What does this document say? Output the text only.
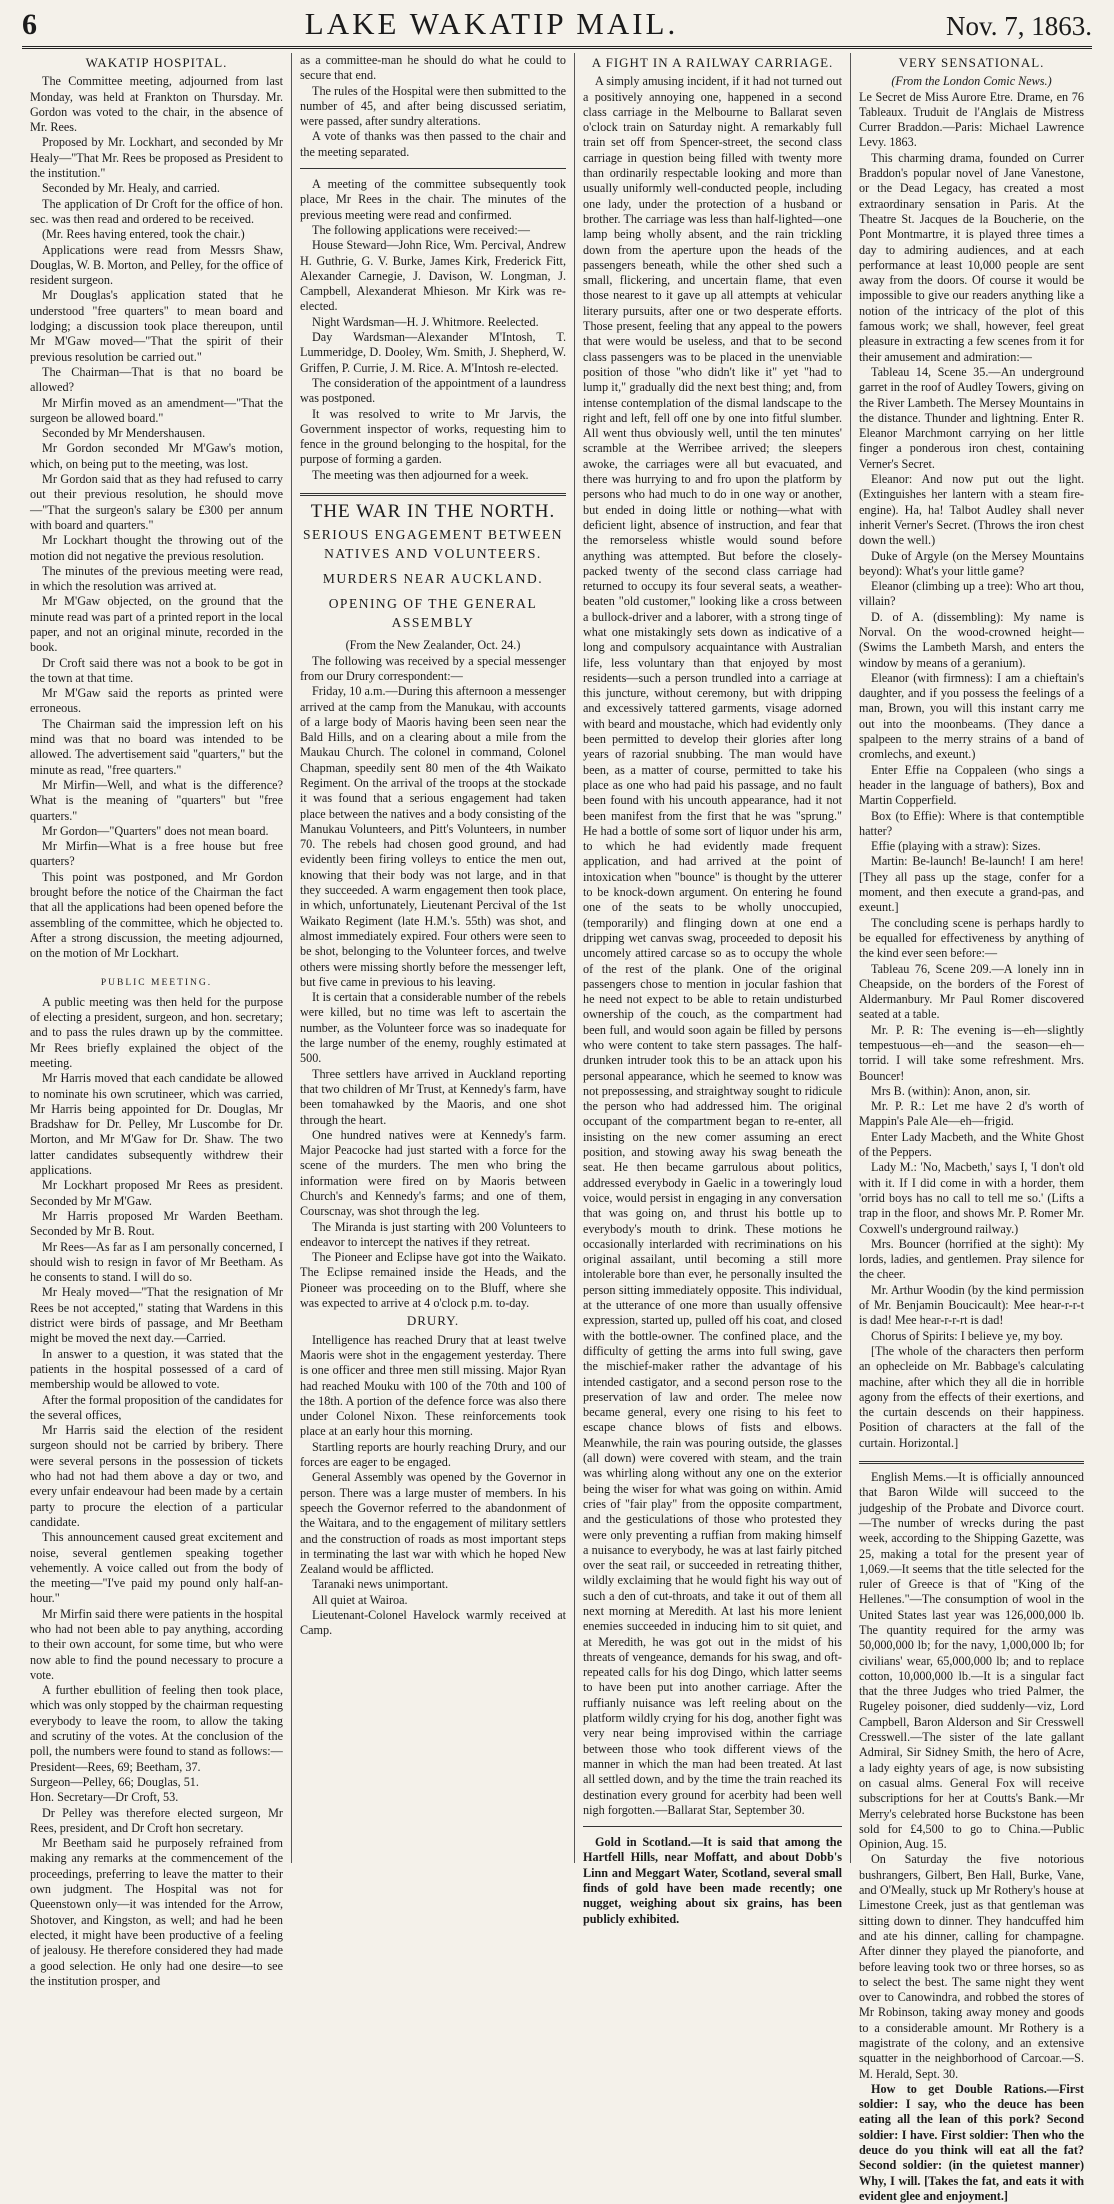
6	LAKE WAKATIP MAIL.	Nov. 7, 1863.
WAKATIP HOSPITAL.

The Committee meeting, adjourned from last Monday, was held at Frankton on Thursday. Mr. Gordon was voted to the chair, in the absence of Mr. Rees.

Proposed by Mr. Lockhart, and seconded by Mr Healy—"That Mr. Rees be proposed as President to the institution."

Seconded by Mr. Healy, and carried.

The application of Dr Croft for the office of hon. sec. was then read and ordered to be received.

(Mr. Rees having entered, took the chair.)

Applications were read from Messrs Shaw, Douglas, W. B. Morton, and Pelley, for the office of resident surgeon.

Mr Douglas's application stated that he understood "free quarters" to mean board and lodging; a discussion took place thereupon, until Mr M'Gaw moved—"That the spirit of their previous resolution be carried out."

The Chairman—That is that no board be allowed?

Mr Mirfin moved as an amendment—"That the surgeon be allowed board."

Seconded by Mr Mendershausen.

Mr Gordon seconded Mr M'Gaw's motion, which, on being put to the meeting, was lost.

Mr Gordon said that as they had refused to carry out their previous resolution, he should move—"That the surgeon's salary be £300 per annum with board and quarters."

Mr Lockhart thought the throwing out of the motion did not negative the previous resolution.

The minutes of the previous meeting were read, in which the resolution was arrived at.

Mr M'Gaw objected, on the ground that the minute read was part of a printed report in the local paper, and not an original minute, recorded in the book.

Dr Croft said there was not a book to be got in the town at that time.

Mr M'Gaw said the reports as printed were erroneous.

The Chairman said the impression left on his mind was that no board was intended to be allowed. The advertisement said "quarters," but the minute as read, "free quarters."

Mr Mirfin—Well, and what is the difference? What is the meaning of "quarters" but "free quarters."

Mr Gordon—"Quarters" does not mean board.

Mr Mirfin—What is a free house but free quarters?

This point was postponed, and Mr Gordon brought before the notice of the Chairman the fact that all the applications had been opened before the assembling of the committee, which he objected to. After a strong discussion, the meeting adjourned, on the motion of Mr Lockhart.

PUBLIC MEETING.

A public meeting was then held for the purpose of electing a president, surgeon, and hon. secretary; and to pass the rules drawn up by the committee. Mr Rees briefly explained the object of the meeting.

Mr Harris moved that each candidate be allowed to nominate his own scrutineer, which was carried, Mr Harris being appointed for Dr. Douglas, Mr Bradshaw for Dr. Pelley, Mr Luscombe for Dr. Morton, and Mr M'Gaw for Dr. Shaw. The two latter candidates subsequently withdrew their applications.

Mr Lockhart proposed Mr Rees as president. Seconded by Mr M'Gaw.

Mr Harris proposed Mr Warden Beetham. Seconded by Mr B. Rout.

Mr Rees—As far as I am personally concerned, I should wish to resign in favor of Mr Beetham. As he consents to stand. I will do so.

Mr Healy moved—"That the resignation of Mr Rees be not accepted," stating that Wardens in this district were birds of passage, and Mr Beetham might be moved the next day.—Carried.

In answer to a question, it was stated that the patients in the hospital possessed of a card of membership would be allowed to vote.

After the formal proposition of the candidates for the several offices,

Mr Harris said the election of the resident surgeon should not be carried by bribery. There were several persons in the possession of tickets who had not had them above a day or two, and every unfair endeavour had been made by a certain party to procure the election of a particular candidate.

This announcement caused great excitement and noise, several gentlemen speaking together vehemently. A voice called out from the body of the meeting—"I've paid my pound only half-an-hour."

Mr Mirfin said there were patients in the hospital who had not been able to pay anything, according to their own account, for some time, but who were now able to find the pound necessary to procure a vote.

A further ebullition of feeling then took place, which was only stopped by the chairman requesting everybody to leave the room, to allow the taking and scrutiny of the votes. At the conclusion of the poll, the numbers were found to stand as follows:—

President—Rees, 69; Beetham, 37.

Surgeon—Pelley, 66; Douglas, 51.

Hon. Secretary—Dr Croft, 53.

Dr Pelley was therefore elected surgeon, Mr Rees, president, and Dr Croft hon secretary.

Mr Beetham said he purposely refrained from making any remarks at the commencement of the proceedings, preferring to leave the matter to their own judgment. The Hospital was not for Queenstown only—it was intended for the Arrow, Shotover, and Kingston, as well; and had he been elected, it might have been productive of a feeling of jealousy. He therefore considered they had made a good selection. He only had one desire—to see the institution prosper, and

as a committee-man he should do what he could to secure that end.

The rules of the Hospital were then submitted to the number of 45, and after being discussed seriatim, were passed, after sundry alterations.

A vote of thanks was then passed to the chair and the meeting separated.

A meeting of the committee subsequently took place, Mr Rees in the chair. The minutes of the previous meeting were read and confirmed.

The following applications were received:—

House Steward—John Rice, Wm. Percival, Andrew H. Guthrie, G. V. Burke, James Kirk, Frederick Fitt, Alexander Carnegie, J. Davison, W. Longman, J. Campbell, Alexanderat Mhieson. Mr Kirk was re-elected.

Night Wardsman—H. J. Whitmore. Reelected.

Day Wardsman—Alexander M'Intosh, T. Lummeridge, D. Dooley, Wm. Smith, J. Shepherd, W. Griffen, P. Currie, J. M. Rice. A. M'Intosh re-elected.

The consideration of the appointment of a laundress was postponed.

It was resolved to write to Mr Jarvis, the Government inspector of works, requesting him to fence in the ground belonging to the hospital, for the purpose of forming a garden.

The meeting was then adjourned for a week.

THE WAR IN THE NORTH.
SERIOUS ENGAGEMENT BETWEEN NATIVES AND VOLUNTEERS.
MURDERS NEAR AUCKLAND.
OPENING OF THE GENERAL ASSEMBLY

(From the New Zealander, Oct. 24.)

The following was received by a special messenger from our Drury correspondent:—

Friday, 10 a.m.—During this afternoon a messenger arrived at the camp from the Manukau, with accounts of a large body of Maoris having been seen near the Bald Hills, and on a clearing about a mile from the Maukau Church. The colonel in command, Colonel Chapman, speedily sent 80 men of the 4th Waikato Regiment. On the arrival of the troops at the stockade it was found that a serious engagement had taken place between the natives and a body consisting of the Manukau Volunteers, and Pitt's Volunteers, in number 70. The rebels had chosen good ground, and had evidently been firing volleys to entice the men out, knowing that their body was not large, and in that they succeeded. A warm engagement then took place, in which, unfortunately, Lieutenant Percival of the 1st Waikato Regiment (late H.M.'s. 55th) was shot, and almost immediately expired. Four others were seen to be shot, belonging to the Volunteer forces, and twelve others were missing shortly before the messenger left, but five came in previous to his leaving.

It is certain that a considerable number of the rebels were killed, but no time was left to ascertain the number, as the Volunteer force was so inadequate for the large number of the enemy, roughly estimated at 500.

Three settlers have arrived in Auckland reporting that two children of Mr Trust, at Kennedy's farm, have been tomahawked by the Maoris, and one shot through the heart.

One hundred natives were at Kennedy's farm. Major Peacocke had just started with a force for the scene of the murders. The men who bring the information were fired on by Maoris between Church's and Kennedy's farms; and one of them, Courscnay, was shot through the leg.

The Miranda is just starting with 200 Volunteers to endeavor to intercept the natives if they retreat.

The Pioneer and Eclipse have got into the Waikato. The Eclipse remained inside the Heads, and the Pioneer was proceeding on to the Bluff, where she was expected to arrive at 4 o'clock p.m. to-day.

DRURY.

Intelligence has reached Drury that at least twelve Maoris were shot in the engagement yesterday. There is one officer and three men still missing. Major Ryan had reached Mouku with 100 of the 70th and 100 of the 18th. A portion of the defence force was also there under Colonel Nixon. These reinforcements took place at an early hour this morning.

Startling reports are hourly reaching Drury, and our forces are eager to be engaged.

General Assembly was opened by the Governor in person. There was a large muster of members. In his speech the Governor referred to the abandonment of the Waitara, and to the engagement of military settlers and the construction of roads as most important steps in terminating the last war with which he hoped New Zealand would be afflicted.

Taranaki news unimportant.

All quiet at Wairoa.

Lieutenant-Colonel Havelock warmly received at Camp.

A FIGHT IN A RAILWAY CARRIAGE.

A simply amusing incident, if it had not turned out a positively annoying one, happened in a second class carriage in the Melbourne to Ballarat seven o'clock train on Saturday night. A remarkably full train set off from Spencer-street, the second class carriage in question being filled with twenty more than ordinarily respectable looking and more than usually uniformly well-conducted people, including one lady, under the protection of a husband or brother. The carriage was less than half-lighted—one lamp being wholly absent, and the rain trickling down from the aperture upon the heads of the passengers beneath, while the other shed such a small, flickering, and uncertain flame, that even those nearest to it gave up all attempts at vehicular literary pursuits, after one or two desperate efforts. Those present, feeling that any appeal to the powers that were would be useless, and that to be second class passengers was to be placed in the unenviable position of those "who didn't like it" yet "had to lump it," gradually did the next best thing; and, from intense contemplation of the dismal landscape to the right and left, fell off one by one into fitful slumber. All went thus obviously well, until the ten minutes' scramble at the Werribee arrived; the sleepers awoke, the carriages were all but evacuated, and there was hurrying to and fro upon the platform by persons who had much to do in one way or another, but ended in doing little or nothing—what with deficient light, absence of instruction, and fear that the remorseless whistle would sound before anything was attempted. But before the closely-packed twenty of the second class carriage had returned to occupy its four several seats, a weather-beaten "old customer," looking like a cross between a bullock-driver and a laborer, with a strong tinge of what one mistakingly sets down as indicative of a long and compulsory acquaintance with Australian life, less voluntary than that enjoyed by most residents—such a person trundled into a carriage at this juncture, without ceremony, but with dripping and excessively tattered garments, visage adorned with beard and moustache, which had evidently only been permitted to develop their glories after long years of razorial snubbing. The man would have been, as a matter of course, permitted to take his place as one who had paid his passage, and no fault been found with his uncouth appearance, had it not been manifest from the first that he was "sprung." He had a bottle of some sort of liquor under his arm, to which he had evidently made frequent application, and had arrived at the point of intoxication when "bounce" is thought by the utterer to be knock-down argument. On entering he found one of the seats to be wholly unoccupied, (temporarily) and flinging down at one end a dripping wet canvas swag, proceeded to deposit his uncomely attired carcase so as to occupy the whole of the rest of the plank. One of the original passengers chose to mention in jocular fashion that he need not expect to be able to retain undisturbed ownership of the couch, as the compartment had been full, and would soon again be filled by persons who were content to take stern passages. The half-drunken intruder took this to be an attack upon his personal appearance, which he seemed to know was not prepossessing, and straightway sought to ridicule the person who had addressed him. The original occupant of the compartment began to re-enter, all insisting on the new comer assuming an erect position, and stowing away his swag beneath the seat. He then became garrulous about politics, addressed everybody in Gaelic in a toweringly loud voice, would persist in engaging in any conversation that was going on, and thrust his bottle up to everybody's mouth to drink. These motions he occasionally interlarded with recriminations on his original assailant, until becoming a still more intolerable bore than ever, he personally insulted the person sitting immediately opposite. This individual, at the utterance of one more than usually offensive expression, started up, pulled off his coat, and closed with the bottle-owner. The confined place, and the difficulty of getting the arms into full swing, gave the mischief-maker rather the advantage of his intended castigator, and a second person rose to the preservation of law and order. The melee now became general, every one rising to his feet to escape chance blows of fists and elbows. Meanwhile, the rain was pouring outside, the glasses (all down) were covered with steam, and the train was whirling along without any one on the exterior being the wiser for what was going on within. Amid cries of "fair play" from the opposite compartment, and the gesticulations of those who protested they were only preventing a ruffian from making himself a nuisance to everybody, he was at last fairly pitched over the seat rail, or succeeded in retreating thither, wildly exclaiming that he would fight his way out of such a den of cut-throats, and take it out of them all next morning at Meredith. At last his more lenient enemies succeeded in inducing him to sit quiet, and at Meredith, he was got out in the midst of his threats of vengeance, demands for his swag, and oft-repeated calls for his dog Dingo, which latter seems to have been put into another carriage. After the ruffianly nuisance was left reeling about on the platform wildly crying for his dog, another fight was very near being improvised within the carriage between those who took different views of the manner in which the man had been treated. At last all settled down, and by the time the train reached its destination every ground for acerbity had been well nigh forgotten.—Ballarat Star, September 30.

Gold in Scotland.—It is said that among the Hartfell Hills, near Moffatt, and about Dobb's Linn and Meggart Water, Scotland, several small finds of gold have been made recently; one nugget, weighing about six grains, has been publicly exhibited.

VERY SENSATIONAL.

(From the London Comic News.)

Le Secret de Miss Aurore Etre. Drame, en 76 Tableaux. Truduit de l'Anglais de Mistress Currer Braddon.—Paris: Michael Lawrence Levy. 1863.

This charming drama, founded on Currer Braddon's popular novel of Jane Vanestone, or the Dead Legacy, has created a most extraordinary sensation in Paris. At the Theatre St. Jacques de la Boucherie, on the Pont Montmartre, it is played three times a day to admiring audiences, and at each performance at least 10,000 people are sent away from the doors. Of course it would be impossible to give our readers anything like a notion of the intricacy of the plot of this famous work; we shall, however, feel great pleasure in extracting a few scenes from it for their amusement and admiration:—

Tableau 14, Scene 35.—An underground garret in the roof of Audley Towers, giving on the River Lambeth. The Mersey Mountains in the distance. Thunder and lightning. Enter R. Eleanor Marchmont carrying on her little finger a ponderous iron chest, containing Verner's Secret.

Eleanor: And now put out the light. (Extinguishes her lantern with a steam fire-engine). Ha, ha! Talbot Audley shall never inherit Verner's Secret. (Throws the iron chest down the well.)

Duke of Argyle (on the Mersey Mountains beyond): What's your little game?

Eleanor (climbing up a tree): Who art thou, villain?

D. of A. (dissembling): My name is Norval. On the wood-crowned height—(Swims the Lambeth Marsh, and enters the window by means of a geranium).

Eleanor (with firmness): I am a chieftain's daughter, and if you possess the feelings of a man, Brown, you will this instant carry me out into the moonbeams. (They dance a spalpeen to the merry strains of a band of cromlechs, and exeunt.)

Enter Effie na Coppaleen (who sings a header in the language of bathers), Box and Martin Copperfield.

Box (to Effie): Where is that contemptible hatter?

Effie (playing with a straw): Sizes.

Martin: Be-launch! Be-launch! I am here! [They all pass up the stage, confer for a moment, and then execute a grand-pas, and exeunt.]

The concluding scene is perhaps hardly to be equalled for effectiveness by anything of the kind ever seen before:—

Tableau 76, Scene 209.—A lonely inn in Cheapside, on the borders of the Forest of Aldermanbury. Mr Paul Romer discovered seated at a table.

Mr. P. R: The evening is—eh—slightly tempestuous—eh—and the season—eh—torrid. I will take some refreshment. Mrs. Bouncer!

Mrs B. (within): Anon, anon, sir.

Mr. P. R.: Let me have 2 d's worth of Mappin's Pale Ale—eh—frigid.

Enter Lady Macbeth, and the White Ghost of the Peppers.

Lady M.: 'No, Macbeth,' says I, 'I don't old with it. If I did come in with a horder, them 'orrid boys has no call to tell me so.' (Lifts a trap in the floor, and shows Mr. P. Romer Mr. Coxwell's underground railway.)

Mrs. Bouncer (horrified at the sight): My lords, ladies, and gentlemen. Pray silence for the cheer.

Mr. Arthur Woodin (by the kind permission of Mr. Benjamin Boucicault): Mee hear-r-r-t is dad! Mee hear-r-r-rt is dad!

Chorus of Spirits: I believe ye, my boy.

[The whole of the characters then perform an ophecleide on Mr. Babbage's calculating machine, after which they all die in horrible agony from the effects of their exertions, and the curtain descends on their happiness. Position of characters at the fall of the curtain. Horizontal.]

English Mems.—It is officially announced that Baron Wilde will succeed to the judgeship of the Probate and Divorce court.—The number of wrecks during the past week, according to the Shipping Gazette, was 25, making a total for the present year of 1,069.—It seems that the title selected for the ruler of Greece is that of "King of the Hellenes."—The consumption of wool in the United States last year was 126,000,000 lb. The quantity required for the army was 50,000,000 lb; for the navy, 1,000,000 lb; for civilians' wear, 65,000,000 lb; and to replace cotton, 10,000,000 lb.—It is a singular fact that the three Judges who tried Palmer, the Rugeley poisoner, died suddenly—viz, Lord Campbell, Baron Alderson and Sir Cresswell Cresswell.—The sister of the late gallant Admiral, Sir Sidney Smith, the hero of Acre, a lady eighty years of age, is now subsisting on casual alms. General Fox will receive subscriptions for her at Coutts's Bank.—Mr Merry's celebrated horse Buckstone has been sold for £4,500 to go to China.—Public Opinion, Aug. 15.

On Saturday the five notorious bushrangers, Gilbert, Ben Hall, Burke, Vane, and O'Meally, stuck up Mr Rothery's house at Limestone Creek, just as that gentleman was sitting down to dinner. They handcuffed him and ate his dinner, calling for champagne. After dinner they played the pianoforte, and before leaving took two or three horses, so as to select the best. The same night they went over to Canowindra, and robbed the stores of Mr Robinson, taking away money and goods to a considerable amount. Mr Rothery is a magistrate of the colony, and an extensive squatter in the neighborhood of Carcoar.—S. M. Herald, Sept. 30.

How to get Double Rations.—First soldier: I say, who the deuce has been eating all the lean of this pork? Second soldier: I have. First soldier: Then who the deuce do you think will eat all the fat? Second soldier: (in the quietest manner) Why, I will. [Takes the fat, and eats it with evident glee and enjoyment.]
